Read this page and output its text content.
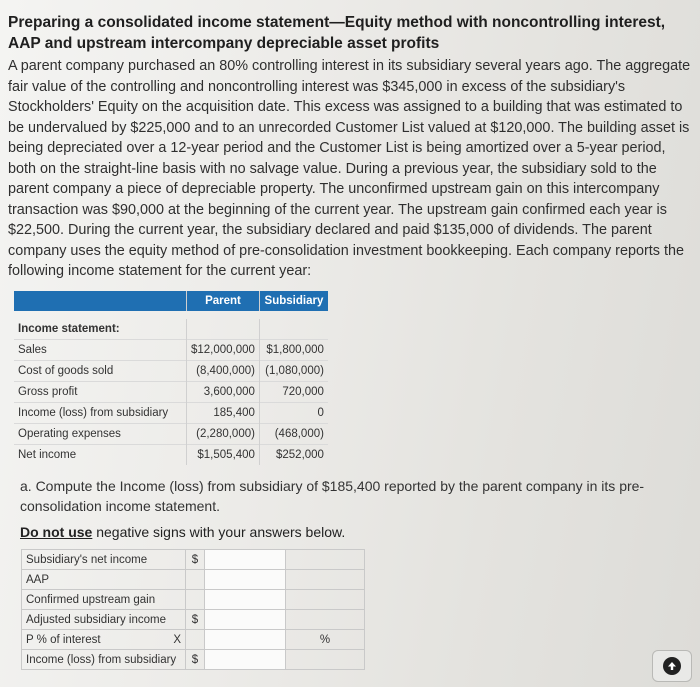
Preparing a consolidated income statement—Equity method with noncontrolling interest, AAP and upstream intercompany depreciable asset profits
A parent company purchased an 80% controlling interest in its subsidiary several years ago. The aggregate fair value of the controlling and noncontrolling interest was $345,000 in excess of the subsidiary's Stockholders' Equity on the acquisition date. This excess was assigned to a building that was estimated to be undervalued by $225,000 and to an unrecorded Customer List valued at $120,000. The building asset is being depreciated over a 12-year period and the Customer List is being amortized over a 5-year period, both on the straight-line basis with no salvage value. During a previous year, the subsidiary sold to the parent company a piece of depreciable property. The unconfirmed upstream gain on this intercompany transaction was $90,000 at the beginning of the current year. The upstream gain confirmed each year is $22,500. During the current year, the subsidiary declared and paid $135,000 of dividends. The parent company uses the equity method of pre-consolidation investment bookkeeping. Each company reports the following income statement for the current year:
	Parent	Subsidiary

Income statement:		
Sales	$12,000,000	$1,800,000
Cost of goods sold	(8,400,000)	(1,080,000)
Gross profit	3,600,000	720,000
Income (loss) from subsidiary	185,400	0
Operating expenses	(2,280,000)	(468,000)
Net income	$1,505,400	$252,000
a. Compute the Income (loss) from subsidiary of $185,400 reported by the parent company in its pre-consolidation income statement.
Do not use negative signs with your answers below.
Subsidiary's net income	$		
AAP			
Confirmed upstream gain			
Adjusted subsidiary income	$		
P % of interest X			%
Income (loss) from subsidiary	$		
